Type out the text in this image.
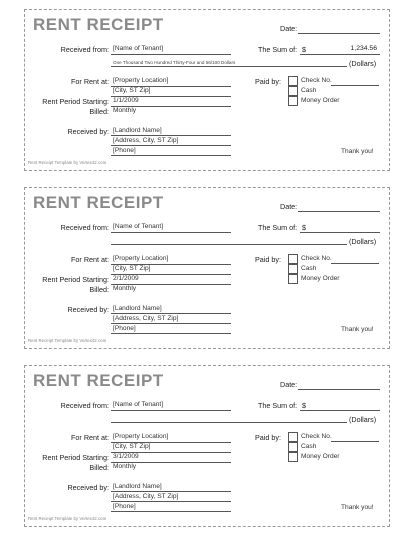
RENT RECEIPT	Date:
Received from: [Name of Tenant]	The Sum of: $	1,234.56
One Thousand Two Hundred Thirty-Four and 56/100 Dollars	(Dollars)
For Rent at: [Property Location]
[City, ST Zip]
Rent Period Starting: 1/1/2009
Billed: Monthly
Paid by:	Check No.
Cash
Money Order
Received by: [Landlord Name]
[Address, City, ST Zip]
[Phone]	Thank you!
Rent Receipt Template by Vertex42.com
RENT RECEIPT	Date:
Received from: [Name of Tenant]	The Sum of: $
(Dollars)
For Rent at: [Property Location]
[City, ST Zip]
Rent Period Starting: 2/1/2009
Billed: Monthly
Paid by:	Check No.
Cash
Money Order
Received by: [Landlord Name]
[Address, City, ST Zip]
[Phone]	Thank you!
Rent Receipt Template by Vertex42.com
RENT RECEIPT	Date:
Received from: [Name of Tenant]	The Sum of: $
(Dollars)
For Rent at: [Property Location]
[City, ST Zip]
Rent Period Starting: 3/1/2009
Billed: Monthly
Paid by:	Check No.
Cash
Money Order
Received by: [Landlord Name]
[Address, City, ST Zip]
[Phone]	Thank you!
Rent Receipt Template by Vertex42.com
